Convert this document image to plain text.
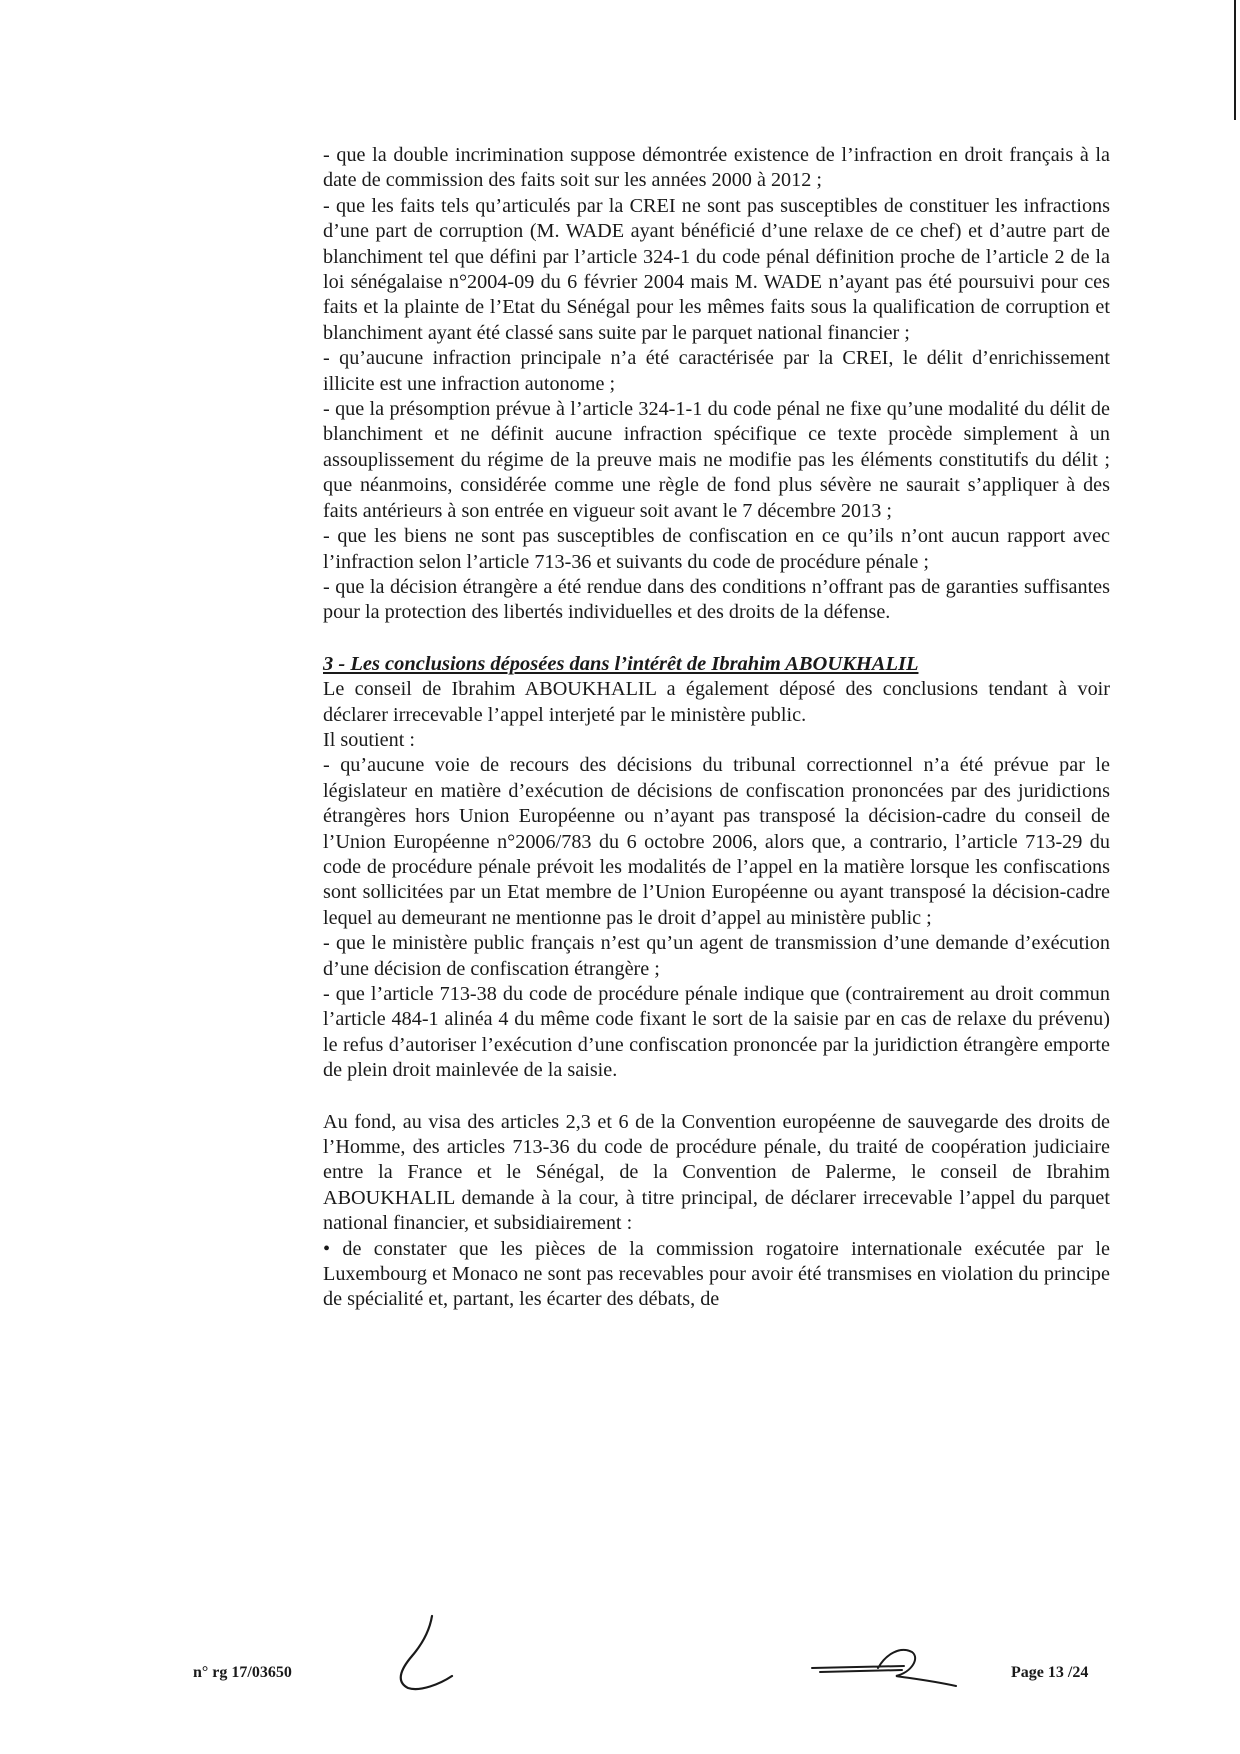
- que la double incrimination suppose démontrée existence de l’infraction en droit français à la date de commission des faits soit sur les années 2000 à 2012 ;

- que les faits tels qu’articulés par la CREI ne sont pas susceptibles de constituer les infractions d’une part de corruption (M. WADE ayant bénéficié d’une relaxe de ce chef) et d’autre part de blanchiment tel que défini par l’article 324-1 du code pénal définition proche de l’article 2 de la loi sénégalaise n°2004-09 du 6 février 2004 mais M. WADE n’ayant pas été poursuivi pour ces faits et la plainte de l’Etat du Sénégal pour les mêmes faits sous la qualification de corruption et blanchiment ayant été classé sans suite par le parquet national financier ;

- qu’aucune infraction principale n’a été caractérisée par la CREI, le délit d’enrichissement illicite est une infraction autonome ;

- que la présomption prévue à l’article 324-1-1 du code pénal ne fixe qu’une modalité du délit de blanchiment et ne définit aucune infraction spécifique ce texte procède simplement à un assouplissement du régime de la preuve mais ne modifie pas les éléments constitutifs du délit ; que néanmoins, considérée comme une règle de fond plus sévère ne saurait s’appliquer à des faits antérieurs à son entrée en vigueur soit avant le 7 décembre 2013 ;

- que les biens ne sont pas susceptibles de confiscation en ce qu’ils n’ont aucun rapport avec l’infraction selon l’article 713-36 et suivants du code de procédure pénale ;

- que la décision étrangère a été rendue dans des conditions n’offrant pas de garanties suffisantes pour la protection des libertés individuelles et des droits de la défense.

3 - Les conclusions déposées dans l’intérêt de Ibrahim ABOUKHALIL

Le conseil de Ibrahim ABOUKHALIL a également déposé des conclusions tendant à voir déclarer irrecevable l’appel interjeté par le ministère public.

Il soutient :

- qu’aucune voie de recours des décisions du tribunal correctionnel n’a été prévue par le législateur en matière d’exécution de décisions de confiscation prononcées par des juridictions étrangères hors Union Européenne ou n’ayant pas transposé la décision-cadre du conseil de l’Union Européenne n°2006/783 du 6 octobre 2006, alors que, a contrario, l’article 713-29 du code de procédure pénale prévoit les modalités de l’appel en la matière lorsque les confiscations sont sollicitées par un Etat membre de l’Union Européenne ou ayant transposé la décision-cadre lequel au demeurant ne mentionne pas le droit d’appel au ministère public ;

- que le ministère public français n’est qu’un agent de transmission d’une demande d’exécution d’une décision de confiscation étrangère ;

- que l’article 713-38 du code de procédure pénale indique que (contrairement au droit commun l’article 484-1 alinéa 4 du même code fixant le sort de la saisie par en cas de relaxe du prévenu) le refus d’autoriser l’exécution d’une confiscation prononcée par la juridiction étrangère emporte de plein droit mainlevée de la saisie.

Au fond, au visa des articles 2,3 et 6 de la Convention européenne de sauvegarde des droits de l’Homme, des articles 713-36 du code de procédure pénale, du traité de coopération judiciaire entre la France et le Sénégal, de la Convention de Palerme, le conseil de Ibrahim ABOUKHALIL demande à la cour, à titre principal, de déclarer irrecevable l’appel du parquet national financier, et subsidiairement :

• de constater que les pièces de la commission rogatoire internationale exécutée par le Luxembourg et Monaco ne sont pas recevables pour avoir été transmises en violation du principe de spécialité et, partant, les écarter des débats, de

n° rg 17/03650	Page 13 /24
